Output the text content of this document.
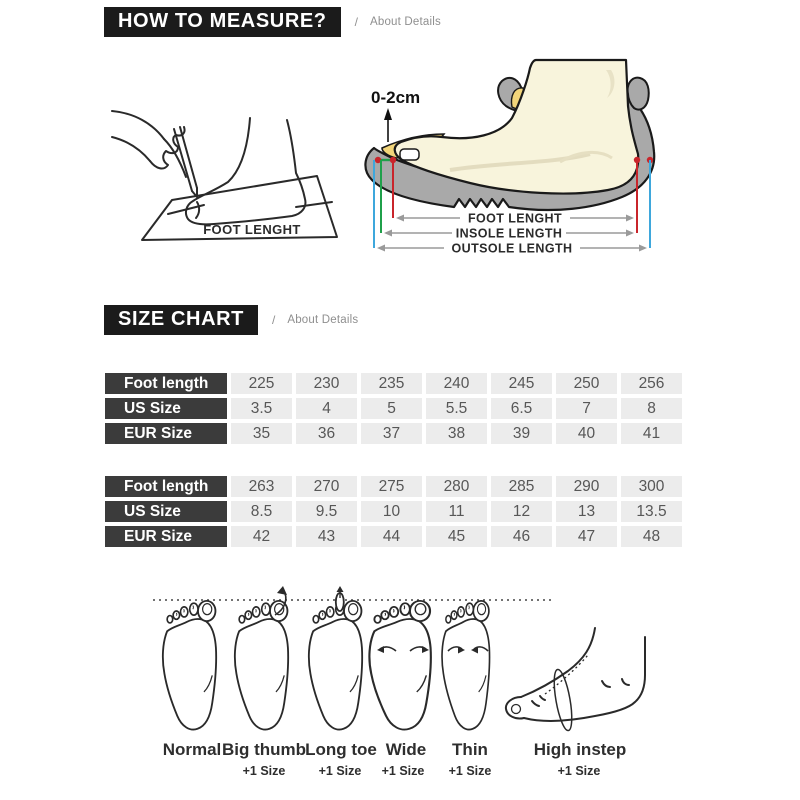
HOW TO MEASURE?	/ About Details
FOOT LENGHT
0-2cm
FOOT LENGHT
INSOLE LENGTH
OUTSOLE LENGTH
SIZE CHART	/ About Details
Foot length	225	230	235	240	245	250	256
US Size	3.5	4	5	5.5	6.5	7	8
EUR Size	35	36	37	38	39	40	41
Foot length	263	270	275	280	285	290	300
US Size	8.5	9.5	10	11	12	13	13.5
EUR Size	42	43	44	45	46	47	48
Normal Big thumb Long toe Wide	Thin	High instep
+1 Size	+1 Size	+1 Size	+1 Size	+1 Size
